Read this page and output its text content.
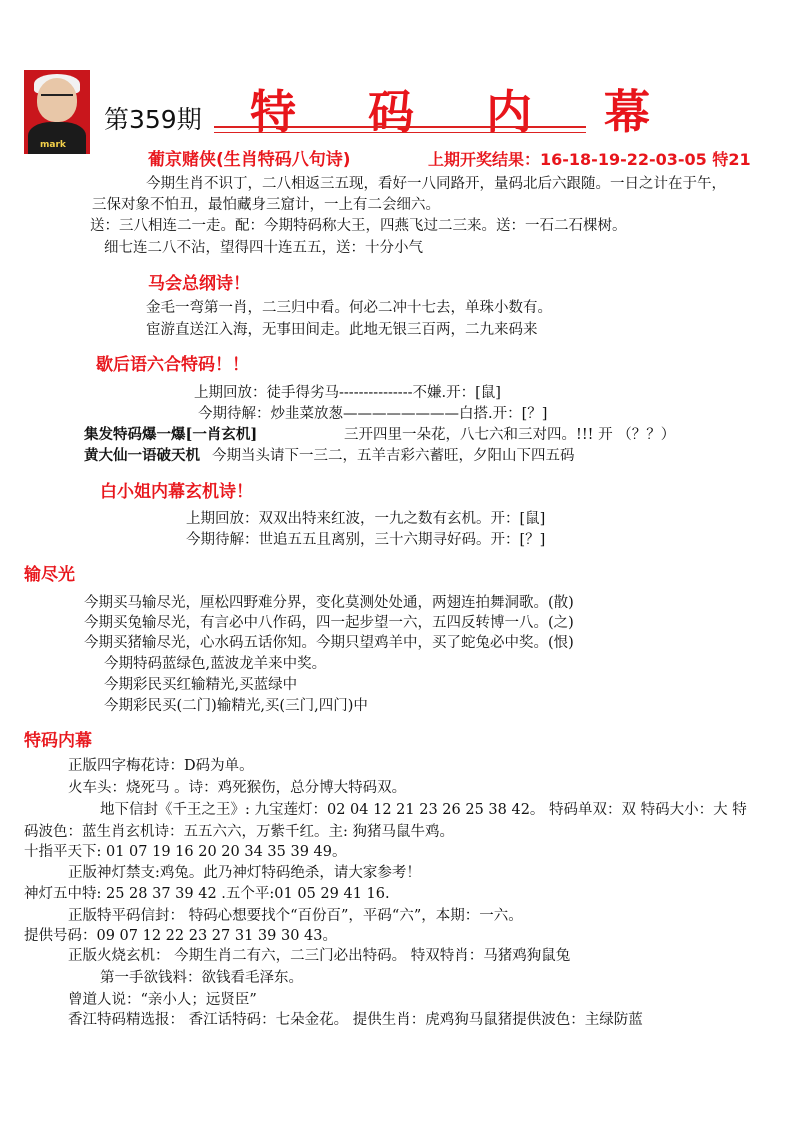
mark
第359期 特 码 内 幕
葡京赌侠(生肖特码八句诗)	上期开奖结果：16-18-19-22-03-05 特21
今期生肖不识丁，二八相返三五现，看好一八同路开，量码北后六跟随。一日之计在于午，
三保对象不怕丑，最怕藏身三窟计，一上有二会细六。
送：三八相连二一走。配：今期特码称大王，四燕飞过二三来。送：一石二石棵树。
细七连二八不沾，望得四十连五五，送：十分小气
马会总纲诗！
金毛一弯第一肖，二三归中看。何必二冲十七去，单珠小数有。
宦游直送江入海，无事田间走。此地无银三百两，二九来码来
歇后语六合特码！！
上期回放：徒手得劣马---------------不嫌.开：[鼠]
今期待解：炒韭菜放葱————————白搭.开：[？]
集发特码爆一爆[一肖玄机]	三开四里一朵花，八七六和三对四。!!! 开 （？？）
黄大仙一语破天机 今期当头请下一三二，五羊吉彩六蓄旺，夕阳山下四五码
白小姐内幕玄机诗！
上期回放：双双出特来红波，一九之数有玄机。开：[鼠]
今期待解：世追五五且离别，三十六期寻好码。开：[？]
输尽光
今期买马输尽光，厘松四野难分界，变化莫测处处通，两翅连拍舞洞歌。(散)
今期买兔输尽光，有言必中八作码，四一起步望一六，五四反转博一八。(之)
今期买猪输尽光，心水码五话你知。今期只望鸡羊中，买了蛇兔必中奖。(恨)
今期特码蓝绿色,蓝波龙羊来中奖。
今期彩民买红输精光,买蓝绿中
今期彩民买(二门)输精光,买(三门,四门)中
特码内幕
正版四字梅花诗：D码为单。
火车头：烧死马 。诗：鸡死猴伤，总分博大特码双。
地下信封《千王之王》: 九宝莲灯：02 04 12 21 23 26 25 38 42。 特码单双：双 特码大小：大 特
码波色：蓝生肖玄机诗：五五六六，万紫千红。主: 狗猪马鼠牛鸡。
十指平天下: 01 07 19 16 20 20 34 35 39 49。
正版神灯禁支:鸡兔。此乃神灯特码绝杀，请大家参考！
神灯五中特: 25 28 37 39 42 .五个平:01 05 29 41 16.
正版特平码信封： 特码心想要找个“百份百”，平码“六”，本期：一六。
提供号码：09 07 12 22 23 27 31 39 30 43。
正版火烧玄机： 今期生肖二有六，二三门必出特码。 特双特肖：马猪鸡狗鼠兔
第一手欲钱料：欲钱看毛泽东。
曾道人说：“亲小人；远贤臣”
香江特码精选报： 香江话特码：七朵金花。 提供生肖：虎鸡狗马鼠猪提供波色：主绿防蓝
